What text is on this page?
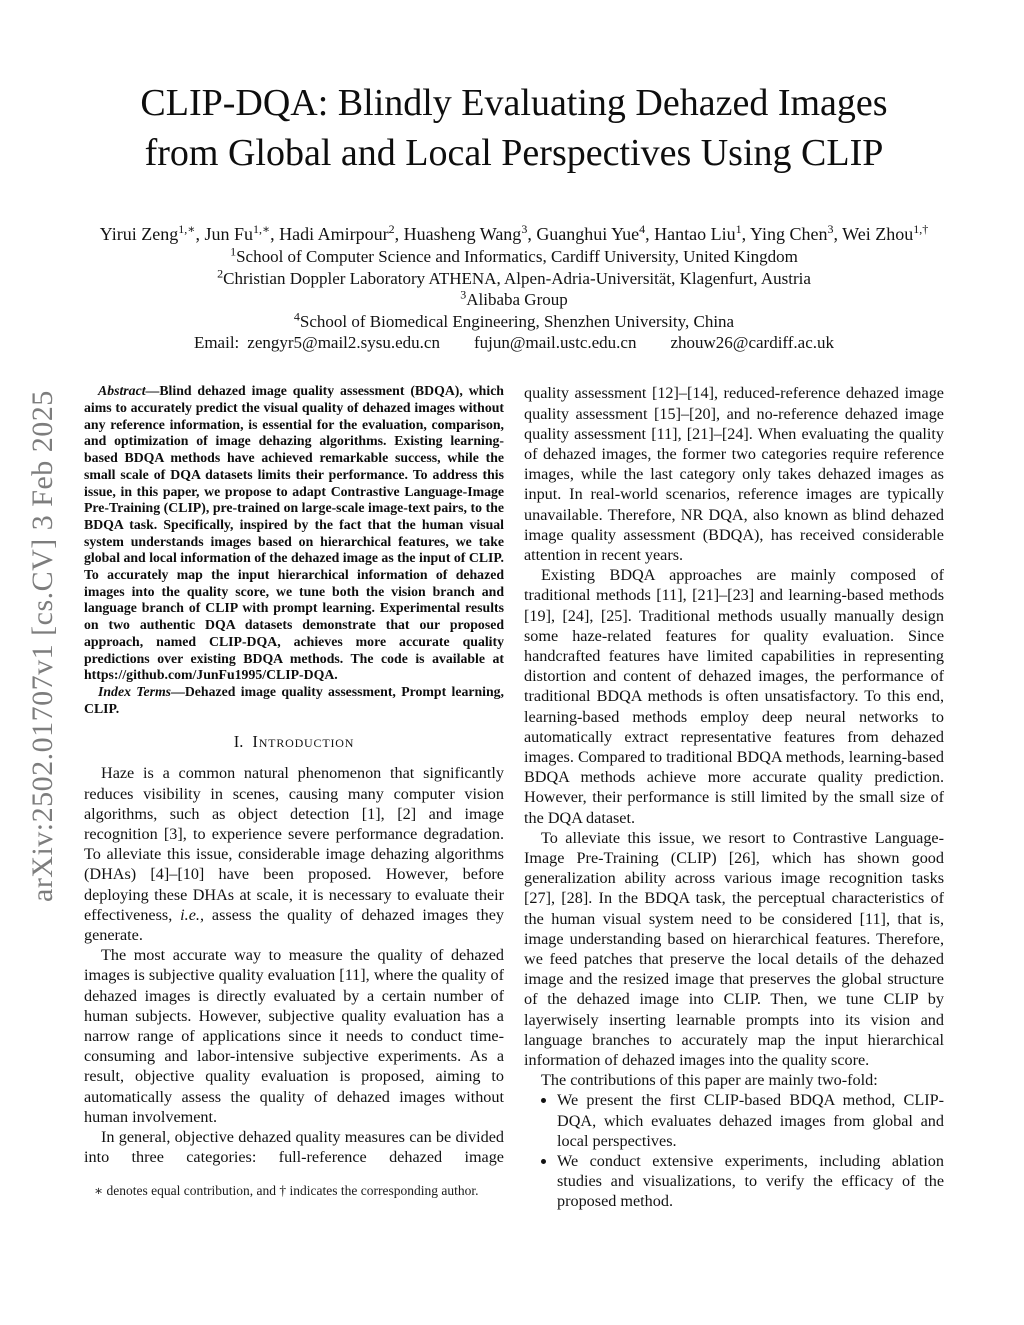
arXiv:2502.01707v1 [cs.CV] 3 Feb 2025
CLIP-DQA: Blindly Evaluating Dehazed Images
from Global and Local Perspectives Using CLIP
Yirui Zeng$^{1,∗}$, Jun $Fu^{1,∗}$, Hadi Amirpour$^2$, Huasheng Wang$^3$, Guanghui Yue$^4$, Hantao Liu$^1$, Ying Chen$^3$, Wei Zhou$^{1,\dagger}$
$^1$School of Computer Science and Informatics, Cardiff University, United Kingdom
$^2$Christian Doppler Laboratory ATHENA, Alpen-Adria-Universität, Klagenfurt, Austria
$^3$Alibaba Group
$^4$School of Biomedical Engineering, Shenzhen University, China
Email: zengyr5@mail2.sysu.edu.cn fujun@mail.ustc.edu.cn zhouw26@cardiff.ac.uk

Abstract—Blind dehazed image quality assessment (BDQA), which aims to accurately predict the visual quality of dehazed images without any reference information, is essential for the evaluation, comparison, and optimization of image dehazing algorithms. Existing learning-based BDQA methods have achieved remarkable success, while the small scale of DQA datasets limits their performance. To address this issue, in this paper, we propose to adapt Contrastive Language-Image Pre-Training (CLIP), pre-trained on large-scale image-text pairs, to the BDQA task. Specifically, inspired by the fact that the human visual system understands images based on hierarchical features, we take global and local information of the dehazed image as the input of CLIP. To accurately map the input hierarchical information of dehazed images into the quality score, we tune both the vision branch and language branch of CLIP with prompt learning. Experimental results on two authentic DQA datasets demonstrate that our proposed approach, named CLIP-DQA, achieves more accurate quality predictions over existing BDQA methods. The code is available at https://github.com/JunFu1995/CLIP-DQA.

Index Terms—Dehazed image quality assessment, Prompt learning, CLIP.

I. Introduction

Haze is a common natural phenomenon that significantly reduces visibility in scenes, causing many computer vision algorithms, such as object detection [1], [2] and image recognition [3], to experience severe performance degradation. To alleviate this issue, considerable image dehazing algorithms (DHAs) [4]–[10] have been proposed. However, before deploying these DHAs at scale, it is necessary to evaluate their effectiveness, i.e., assess the quality of dehazed images they generate.

The most accurate way to measure the quality of dehazed images is subjective quality evaluation [11], where the quality of dehazed images is directly evaluated by a certain number of human subjects. However, subjective quality evaluation has a narrow range of applications since it needs to conduct time-consuming and labor-intensive subjective experiments. As a result, objective quality evaluation is proposed, aiming to automatically assess the quality of dehazed images without human involvement.

In general, objective dehazed quality measures can be divided into three categories: full-reference dehazed image

∗ denotes equal contribution, and † indicates the corresponding author.

quality assessment [12]–[14], reduced-reference dehazed image quality assessment [15]–[20], and no-reference dehazed image quality assessment [11], [21]–[24]. When evaluating the quality of dehazed images, the former two categories require reference images, while the last category only takes dehazed images as input. In real-world scenarios, reference images are typically unavailable. Therefore, NR DQA, also known as blind dehazed image quality assessment (BDQA), has received considerable attention in recent years.

Existing BDQA approaches are mainly composed of traditional methods [11], [21]–[23] and learning-based methods [19], [24], [25]. Traditional methods usually manually design some haze-related features for quality evaluation. Since handcrafted features have limited capabilities in representing distortion and content of dehazed images, the performance of traditional BDQA methods is often unsatisfactory. To this end, learning-based methods employ deep neural networks to automatically extract representative features from dehazed images. Compared to traditional BDQA methods, learning-based BDQA methods achieve more accurate quality prediction. However, their performance is still limited by the small size of the DQA dataset.

To alleviate this issue, we resort to Contrastive Language-Image Pre-Training (CLIP) [26], which has shown good generalization ability across various image recognition tasks [27], [28]. In the BDQA task, the perceptual characteristics of the human visual system need to be considered [11], that is, image understanding based on hierarchical features. Therefore, we feed patches that preserve the local details of the dehazed image and the resized image that preserves the global structure of the dehazed image into CLIP. Then, we tune CLIP by layerwisely inserting learnable prompts into its vision and language branches to accurately map the input hierarchical information of dehazed images into the quality score.

The contributions of this paper are mainly two-fold:

• We present the first CLIP-based BDQA method, CLIP-DQA, which evaluates dehazed images from global and local perspectives.
• We conduct extensive experiments, including ablation studies and visualizations, to verify the efficacy of the proposed method.
